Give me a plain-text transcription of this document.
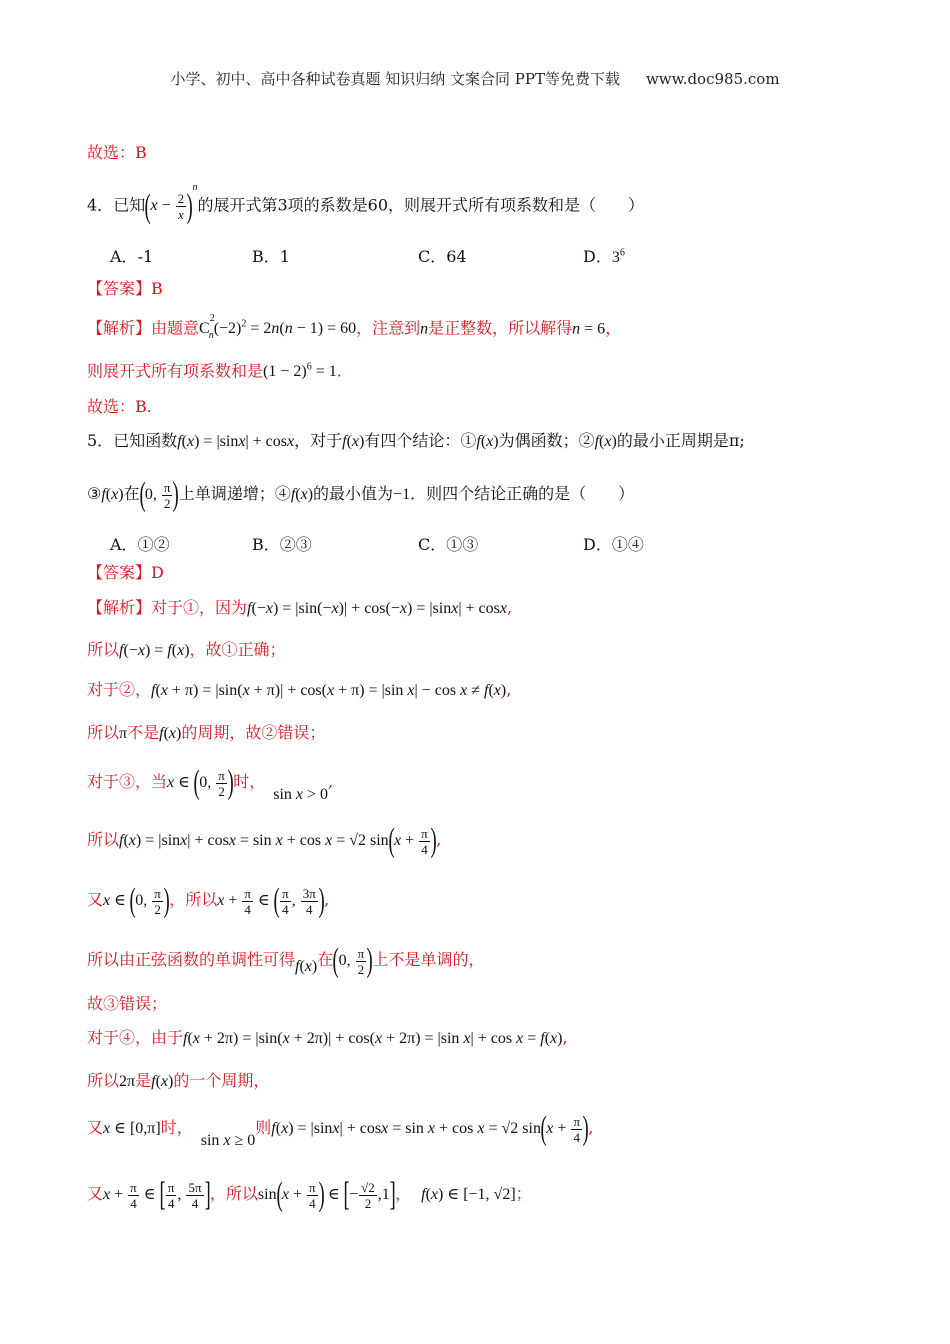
小学、初中、高中各种试卷真题 知识归纳 文案合同 PPT等免费下载 www.doc985.com
故选：B
4．已知$(x - \frac{2}{x} )^n$的展开式第3项的系数是60，则展开式所有项系数和是（　　）
A．-1	B．1	C．64	D．$3^6$
【答案】B
【解析】由题意$C^2_n(-2)^2 = 2n(n - 1) = 60$，注意到n是正整数，所以解得n = 6，
则展开式所有项系数和是$(1 - 2)^6 = 1$.
故选：B.
5．已知函数f(x) = |sinx| + cosx，对于f(x)有四个结论：①f(x)为偶函数；②f(x)的最小正周期是π;
③f(x)在(0, $\frac{\pi}{2}$ )上单调递增；④f(x)的最小值为−1．则四个结论正确的是（　　）
A．①②	B．②③	C．①③	D．①④
【答案】D
【解析】对于①，因为f(−x) = |sin(−x)| + cos(−x) = |sinx| + cosx,
所以f(−x) = f(x)，故①正确；
对于②，f(x + π) = |sin(x + π)| + cos(x + π) = |sin x| − cos x ≠ f(x),
所以π不是f(x)的周期，故②错误；
对于③，当x ∈ (0, $\frac{\pi}{2}$ )时，sin x > 0,
所以f(x) = |sinx| + cosx = sin x + cos x = √2 $\sin(x + \frac{\pi}{4}$ ),
又x ∈ (0, $\frac{\pi}{2}$ )，所以$x + \frac{\pi}{4}$ ∈ ( $\frac{\pi}{4}$ , $\frac{3\pi}{4}$ ),
所以由正弦函数的单调性可得f(x)在(0, $\frac{\pi}{2}$ )上不是单调的，
故③错误；
对于④，由于f(x + 2π) = |sin(x + 2π)| + cos(x + 2π) = |sin x| + cos x = f(x),
所以2π是f(x)的一个周期，
又x ∈ [0,π]时，sin x ≥ 0则f(x) = |sinx| + cosx = sin x + cos x = √2 $\sin(x + \frac{\pi}{4}$ ),
又$x + \frac{\pi}{4}$ ∈ [ $\frac{\pi}{4}$ , $\frac{5\pi}{4}$ ]，所以$\sin(x + \frac{\pi}{4}$ ) ∈ [− $\frac{√2}{2} ,1$]， f(x) ∈ [−1, √2]；
